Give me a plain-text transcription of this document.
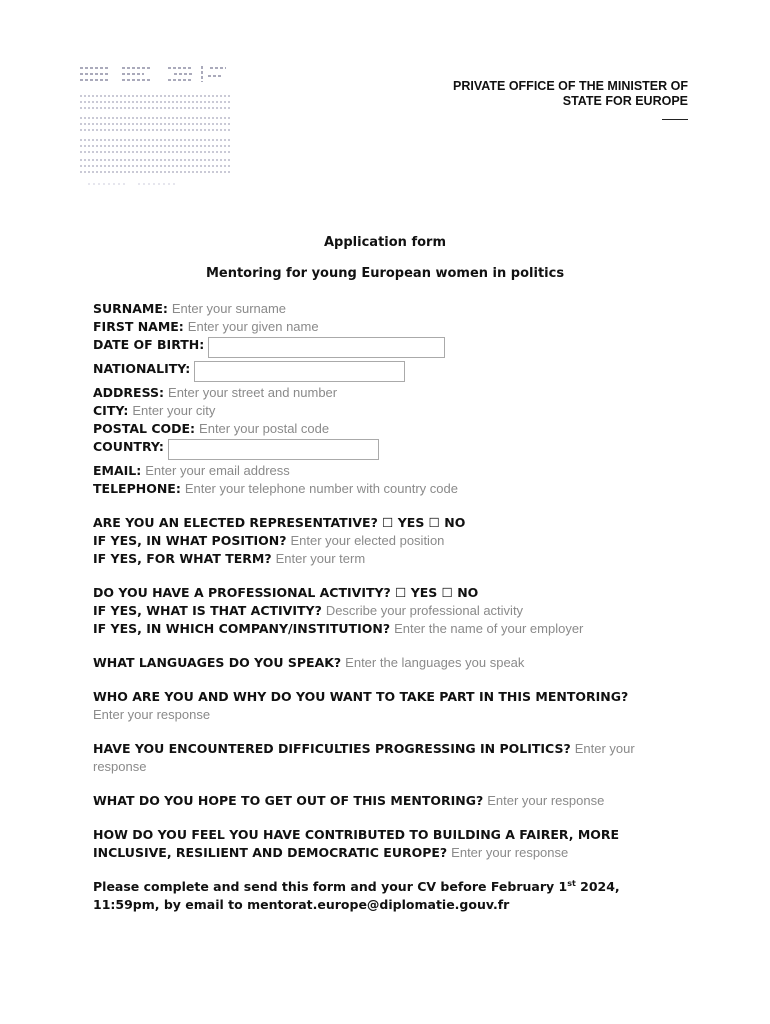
PRIVATE OFFICE OF THE MINISTER OF
STATE FOR EUROPE
Application form
Mentoring for young European women in politics
SURNAME: Enter your surname
FIRST NAME: Enter your given name
DATE OF BIRTH:
NATIONALITY:
ADDRESS: Enter your street and number
CITY: Enter your city
POSTAL CODE: Enter your postal code
COUNTRY:
EMAIL: Enter your email address
TELEPHONE: Enter your telephone number with country code
ARE YOU AN ELECTED REPRESENTATIVE? ☐ YES ☐ NO
IF YES, IN WHAT POSITION? Enter your elected position
IF YES, FOR WHAT TERM? Enter your term
DO YOU HAVE A PROFESSIONAL ACTIVITY? ☐ YES ☐ NO
IF YES, WHAT IS THAT ACTIVITY? Describe your professional activity
IF YES, IN WHICH COMPANY/INSTITUTION? Enter the name of your employer
WHAT LANGUAGES DO YOU SPEAK? Enter the languages you speak
WHO ARE YOU AND WHY DO YOU WANT TO TAKE PART IN THIS MENTORING?
Enter your response
HAVE YOU ENCOUNTERED DIFFICULTIES PROGRESSING IN POLITICS? Enter your response
WHAT DO YOU HOPE TO GET OUT OF THIS MENTORING? Enter your response
HOW DO YOU FEEL YOU HAVE CONTRIBUTED TO BUILDING A FAIRER, MORE INCLUSIVE, RESILIENT AND DEMOCRATIC EUROPE? Enter your response
Please complete and send this form and your CV before February 1st 2024, 11:59pm, by email to mentorat.europe@diplomatie.gouv.fr
